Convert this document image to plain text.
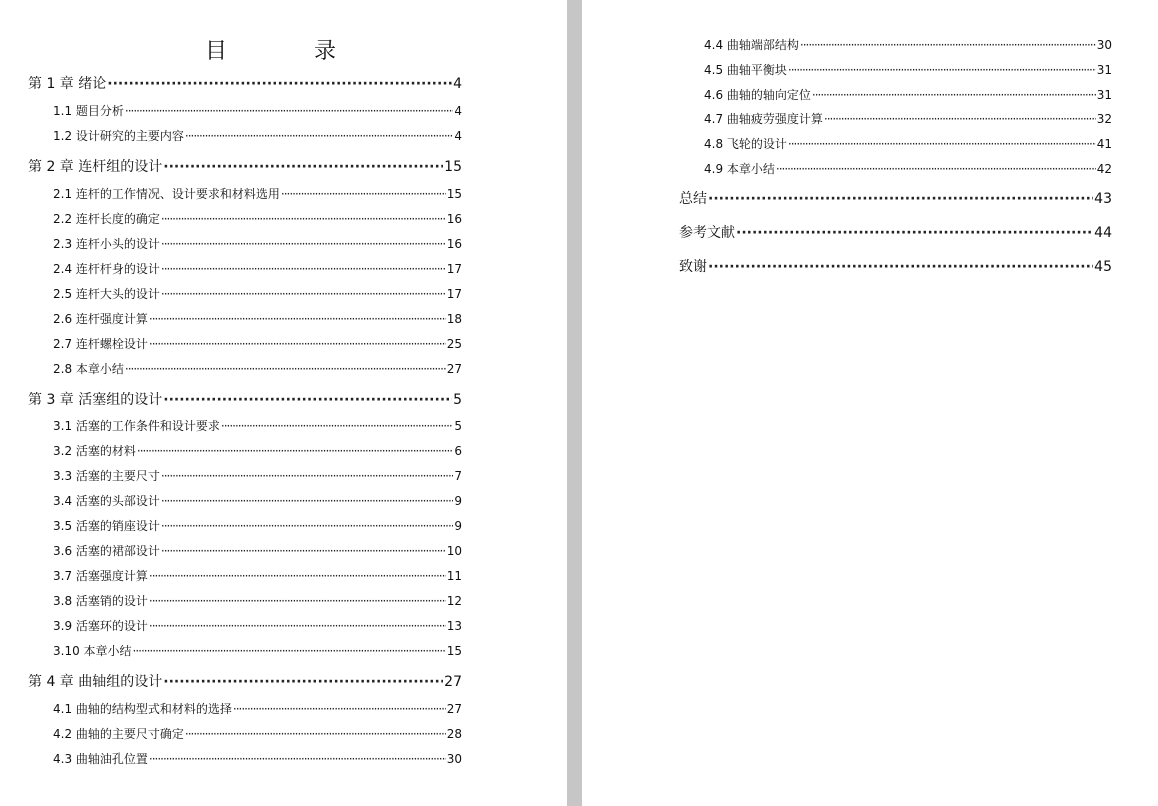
目 录
第 1 章 绪论 ·····	4
1.1 题目分析 ·····	4
1.2 设计研究的主要内容 ·····	4
第 2 章 连杆组的设计 ·····	15
2.1 连杆的工作情况、设计要求和材料选用 ·····	15
2.2 连杆长度的确定 ·····	16
2.3 连杆小头的设计 ·····	16
2.4 连杆杆身的设计 ·····	17
2.5 连杆大头的设计 ·····	17
2.6 连杆强度计算 ·····	18
2.7 连杆螺栓设计 ·····	25
2.8 本章小结 ·····	27
第 3 章 活塞组的设计 ·····	5
3.1 活塞的工作条件和设计要求 ·····	5
3.2 活塞的材料 ·····	6
3.3 活塞的主要尺寸 ·····	7
3.4 活塞的头部设计 ·····	9
3.5 活塞的销座设计 ·····	9
3.6 活塞的裙部设计 ·····	10
3.7 活塞强度计算 ·····	11
3.8 活塞销的设计 ·····	12
3.9 活塞环的设计 ·····	13
3.10 本章小结 ·····	15
第 4 章 曲轴组的设计 ·····	27
4.1 曲轴的结构型式和材料的选择 ·····	27
4.2 曲轴的主要尺寸确定 ·····	28
4.3 曲轴油孔位置 ·····	30
4.4 曲轴端部结构 ·····	30
4.5 曲轴平衡块 ·····	31
4.6 曲轴的轴向定位 ·····	31
4.7 曲轴疲劳强度计算 ·····	32
4.8 飞轮的设计 ·····	41
4.9 本章小结 ·····	42
总结 ·····	43
参考文献 ·····	44
致谢 ·····	45
